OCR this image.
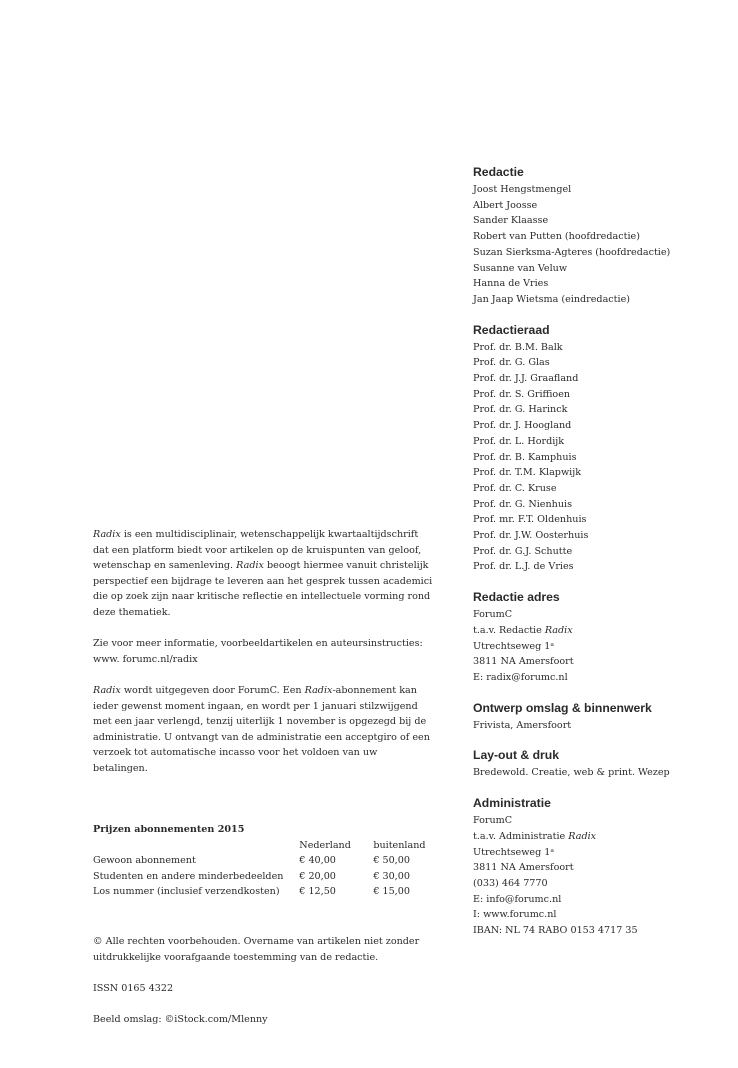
Redactie
Joost Hengstmengel
Albert Joosse
Sander Klaasse
Robert van Putten (hoofdredactie)
Suzan Sierksma-Agteres (hoofdredactie)
Susanne van Veluw
Hanna de Vries
Jan Jaap Wietsma (eindredactie)
Redactieraad
Prof. dr. B.M. Balk
Prof. dr. G. Glas
Prof. dr. J.J. Graafland
Prof. dr. S. Griffioen
Prof. dr. G. Harinck
Prof. dr. J. Hoogland
Prof. dr. L. Hordijk
Prof. dr. B. Kamphuis
Prof. dr. T.M. Klapwijk
Prof. dr. C. Kruse
Prof. dr. G. Nienhuis
Prof. mr. F.T. Oldenhuis
Prof. dr. J.W. Oosterhuis
Prof. dr. G.J. Schutte
Prof. dr. L.J. de Vries
Redactie adres
ForumC
t.a.v. Redactie Radix
Utrechtseweg 1ᵃ
3811 NA Amersfoort
E: radix@forumc.nl
Ontwerp omslag & binnenwerk
Frivista, Amersfoort
Lay-out & druk
Bredewold. Creatie, web & print. Wezep
Administratie
ForumC
t.a.v. Administratie Radix
Utrechtseweg 1ᵃ
3811 NA Amersfoort
(033) 464 7770
E: info@forumc.nl
I: www.forumc.nl
IBAN: NL 74 RABO 0153 4717 35

Radix is een multidisciplinair, wetenschappelijk kwartaaltijdschrift dat een platform biedt voor artikelen op de kruispunten van geloof, wetenschap en samenleving. Radix beoogt hiermee vanuit christelijk perspectief een bijdrage te leveren aan het gesprek tussen academici die op zoek zijn naar kritische reflectie en intellectuele vorming rond deze thematiek.

Zie voor meer informatie, voorbeeldartikelen en auteursinstructies: www. forumc.nl/radix

Radix wordt uitgegeven door ForumC. Een Radix-abonnement kan ieder gewenst moment ingaan, en wordt per 1 januari stilzwijgend met een jaar verlengd, tenzij uiterlijk 1 november is opgezegd bij de administratie. U ontvangt van de administratie een acceptgiro of een verzoek tot automatische incasso voor het voldoen van uw betalingen.

Prijzen abonnementen 2015

	Nederland	buitenland
Gewoon abonnement	€ 40,00	€ 50,00
Studenten en andere minderbedeelden	€ 20,00	€ 30,00
Los nummer (inclusief verzendkosten)	€ 12,50	€ 15,00

© Alle rechten voorbehouden. Overname van artikelen niet zonder uitdrukkelijke voorafgaande toestemming van de redactie.

ISSN 0165 4322

Beeld omslag: ©iStock.com/Mlenny
